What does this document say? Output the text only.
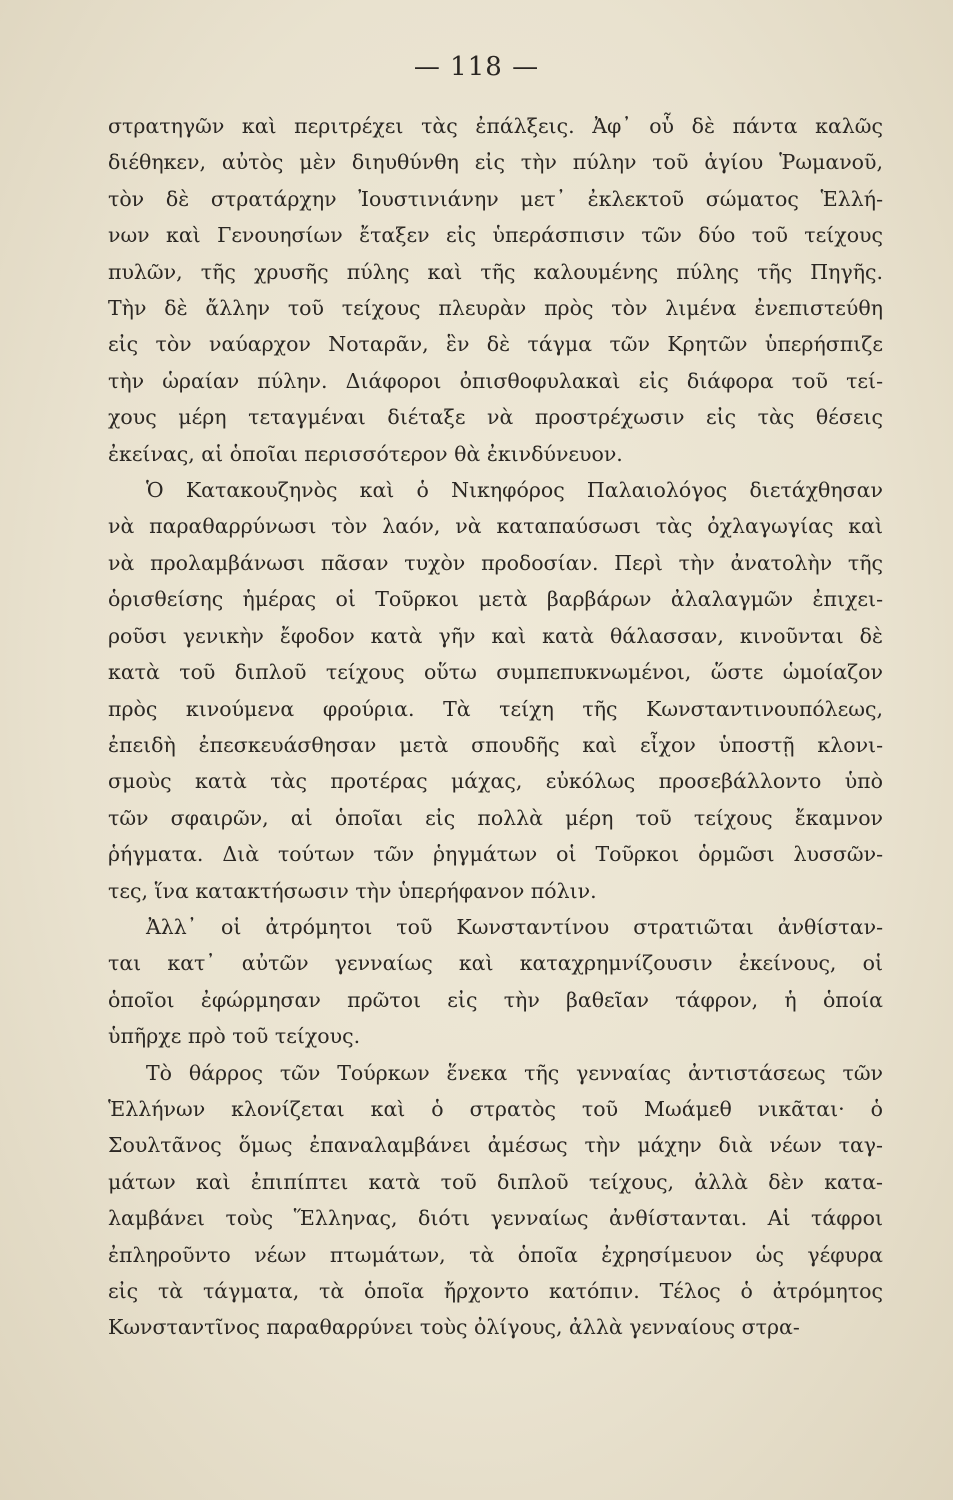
— 118 —

στρατηγῶν καὶ περιτρέχει τὰς ἐπάλξεις. Ἀφ᾽ οὗ δὲ πάντα καλῶς
διέθηκεν, αὐτὸς μὲν διηυθύνθη εἰς τὴν πύλην τοῦ ἁγίου Ῥωμανοῦ,
τὸν δὲ στρατάρχην Ἰουστινιάνην μετ᾽ ἐκλεκτοῦ σώματος Ἑλλή-
νων καὶ Γενουησίων ἔταξεν εἰς ὑπεράσπισιν τῶν δύο τοῦ τείχους
πυλῶν, τῆς χρυσῆς πύλης καὶ τῆς καλουμένης πύλης τῆς Πηγῆς.
Τὴν δὲ ἄλλην τοῦ τείχους πλευρὰν πρὸς τὸν λιμένα ἐνεπιστεύθη
εἰς τὸν ναύαρχον Νοταρᾶν, ἓν δὲ τάγμα τῶν Κρητῶν ὑπερήσπιζε
τὴν ὡραίαν πύλην. Διάφοροι ὀπισθοφυλακαὶ εἰς διάφορα τοῦ τεί-
χους μέρη τεταγμέναι διέταξε νὰ προστρέχωσιν εἰς τὰς θέσεις
ἐκείνας, αἱ ὁποῖαι περισσότερον θὰ ἐκινδύνευον.

Ὁ Κατακουζηνὸς καὶ ὁ Νικηφόρος Παλαιολόγος διετάχθησαν
νὰ παραθαρρύνωσι τὸν λαόν, νὰ καταπαύσωσι τὰς ὀχλαγωγίας καὶ
νὰ προλαμβάνωσι πᾶσαν τυχὸν προδοσίαν. Περὶ τὴν ἀνατολὴν τῆς
ὁρισθείσης ἡμέρας οἱ Τοῦρκοι μετὰ βαρβάρων ἀλαλαγμῶν ἐπιχει-
ροῦσι γενικὴν ἔφοδον κατὰ γῆν καὶ κατὰ θάλασσαν, κινοῦνται δὲ
κατὰ τοῦ διπλοῦ τείχους οὕτω συμπεπυκνωμένοι, ὥστε ὡμοίαζον
πρὸς κινούμενα φρούρια. Τὰ τείχη τῆς Κωνσταντινουπόλεως,
ἐπειδὴ ἐπεσκευάσθησαν μετὰ σπουδῆς καὶ εἶχον ὑποστῇ κλονι-
σμοὺς κατὰ τὰς προτέρας μάχας, εὐκόλως προσεβάλλοντο ὑπὸ
τῶν σφαιρῶν, αἱ ὁποῖαι εἰς πολλὰ μέρη τοῦ τείχους ἔκαμνον
ῥήγματα. Διὰ τούτων τῶν ῥηγμάτων οἱ Τοῦρκοι ὁρμῶσι λυσσῶν-
τες, ἵνα κατακτήσωσιν τὴν ὑπερήφανον πόλιν.

Ἀλλ᾽ οἱ ἀτρόμητοι τοῦ Κωνσταντίνου στρατιῶται ἀνθίσταν-
ται κατ᾽ αὐτῶν γενναίως καὶ καταχρημνίζουσιν ἐκείνους, οἱ
ὁποῖοι ἐφώρμησαν πρῶτοι εἰς τὴν βαθεῖαν τάφρον, ἡ ὁποία
ὑπῆρχε πρὸ τοῦ τείχους.

Τὸ θάρρος τῶν Τούρκων ἕνεκα τῆς γενναίας ἀντιστάσεως τῶν
Ἑλλήνων κλονίζεται καὶ ὁ στρατὸς τοῦ Μωάμεθ νικᾶται· ὁ
Σουλτᾶνος ὅμως ἐπαναλαμβάνει ἀμέσως τὴν μάχην διὰ νέων ταγ-
μάτων καὶ ἐπιπίπτει κατὰ τοῦ διπλοῦ τείχους, ἀλλὰ δὲν κατα-
λαμβάνει τοὺς Ἕλληνας, διότι γενναίως ἀνθίστανται. Αἱ τάφροι
ἐπληροῦντο νέων πτωμάτων, τὰ ὁποῖα ἐχρησίμευον ὡς γέφυρα
εἰς τὰ τάγματα, τὰ ὁποῖα ἤρχοντο κατόπιν. Τέλος ὁ ἀτρόμητος
Κωνσταντῖνος παραθαρρύνει τοὺς ὀλίγους, ἀλλὰ γενναίους στρα-
